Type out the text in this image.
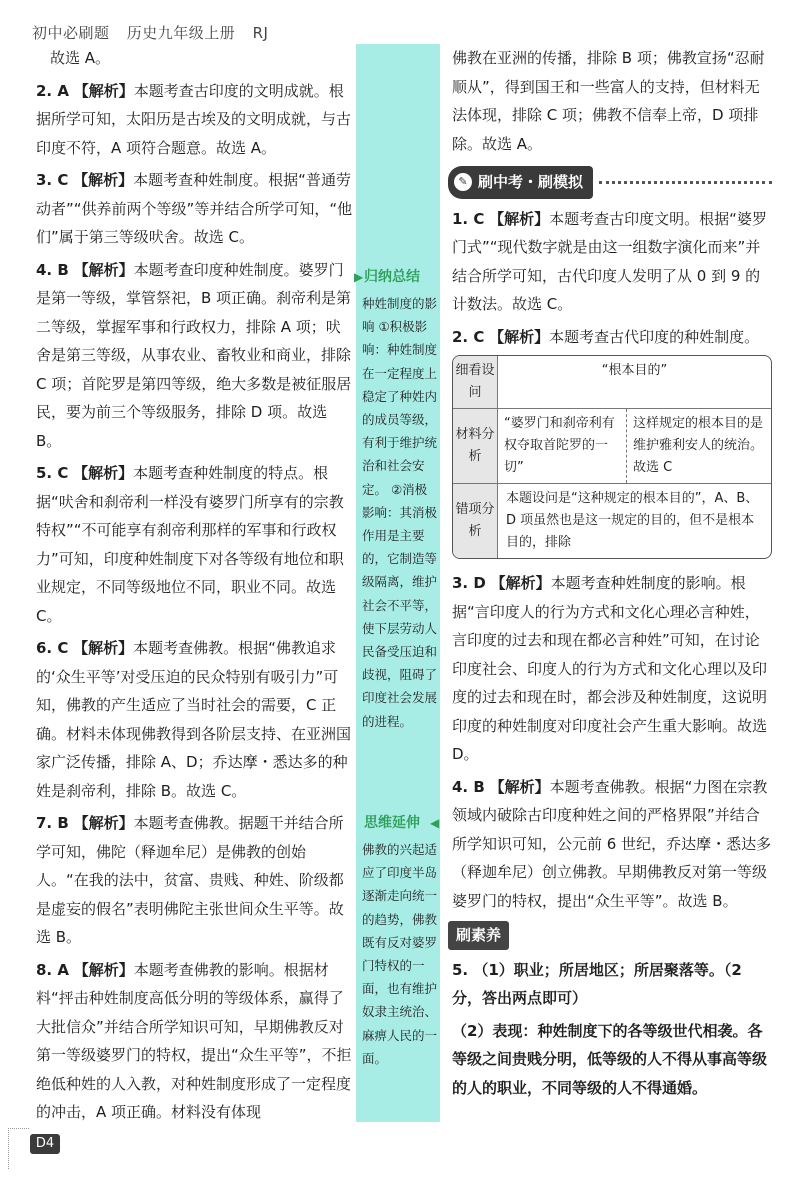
初中必刷题 历史九年级上册 RJ
故选 A。
2. A 【解析】本题考查古印度的文明成就。根据所学可知，太阳历是古埃及的文明成就，与古印度不符，A 项符合题意。故选 A。
3. C 【解析】本题考查种姓制度。根据“普通劳动者”“供养前两个等级”等并结合所学可知，“他们”属于第三等级吠舍。故选 C。
4. B 【解析】本题考查印度种姓制度。婆罗门是第一等级，掌管祭祀，B 项正确。刹帝利是第二等级，掌握军事和行政权力，排除 A 项；吠舍是第三等级，从事农业、畜牧业和商业，排除 C 项；首陀罗是第四等级，绝大多数是被征服居民，要为前三个等级服务，排除 D 项。故选 B。
5. C 【解析】本题考查种姓制度的特点。根据“吠舍和刹帝利一样没有婆罗门所享有的宗教特权”“不可能享有刹帝利那样的军事和行政权力”可知，印度种姓制度下对各等级有地位和职业规定，不同等级地位不同，职业不同。故选 C。
6. C 【解析】本题考查佛教。根据“佛教追求的‘众生平等’对受压迫的民众特别有吸引力”可知，佛教的产生适应了当时社会的需要，C 正确。材料未体现佛教得到各阶层支持、在亚洲国家广泛传播，排除 A、D；乔达摩・悉达多的种姓是刹帝利，排除 B。故选 C。
7. B 【解析】本题考查佛教。据题干并结合所学可知，佛陀（释迦牟尼）是佛教的创始人。“在我的法中，贫富、贵贱、种姓、阶级都是虚妄的假名”表明佛陀主张世间众生平等。故选 B。
8. A 【解析】本题考查佛教的影响。根据材料“抨击种姓制度高低分明的等级体系，赢得了大批信众”并结合所学知识可知，早期佛教反对第一等级婆罗门的特权，提出“众生平等”，不拒绝低种姓的人入教，对种姓制度形成了一定程度的冲击，A 项正确。材料没有体现
▶ 归纳总结
种姓制度的影响 ①积极影响：种姓制度在一定程度上稳定了种姓内的成员等级，有利于维护统治和社会安定。 ②消极影响：其消极作用是主要的，它制造等级隔离，维护社会不平等，使下层劳动人民备受压迫和歧视，阻碍了印度社会发展的进程。
思维延伸 ◀
佛教的兴起适应了印度半岛逐渐走向统一的趋势，佛教既有反对婆罗门特权的一面，也有维护奴隶主统治、麻痹人民的一面。
佛教在亚洲的传播，排除 B 项；佛教宣扬“忍耐顺从”，得到国王和一些富人的支持，但材料无法体现，排除 C 项；佛教不信奉上帝，D 项排除。故选 A。
✎ 刷中考・刷模拟
1. C 【解析】本题考查古印度文明。根据“婆罗门式”“现代数字就是由这一组数字演化而来”并结合所学可知，古代印度人发明了从 0 到 9 的计数法。故选 C。
2. C 【解析】本题考查古代印度的种姓制度。
细看设问
“根本目的”
材料分析
“婆罗门和刹帝利有权夺取首陀罗的一切”
这样规定的根本目的是维护雅利安人的统治。故选 C
错项分析
本题设问是“这种规定的根本目的”，A、B、D 项虽然也是这一规定的目的，但不是根本目的，排除
3. D 【解析】本题考查种姓制度的影响。根据“言印度人的行为方式和文化心理必言种姓，言印度的过去和现在都必言种姓”可知，在讨论印度社会、印度人的行为方式和文化心理以及印度的过去和现在时，都会涉及种姓制度，这说明印度的种姓制度对印度社会产生重大影响。故选 D。
4. B 【解析】本题考查佛教。根据“力图在宗教领域内破除古印度种姓之间的严格界限”并结合所学知识可知，公元前 6 世纪，乔达摩・悉达多（释迦牟尼）创立佛教。早期佛教反对第一等级婆罗门的特权，提出“众生平等”。故选 B。
刷素养
5. （1）职业；所居地区；所居聚落等。（2 分，答出两点即可）
（2）表现：种姓制度下的各等级世代相袭。各等级之间贵贱分明，低等级的人不得从事高等级的人的职业，不同等级的人不得通婚。
D4
